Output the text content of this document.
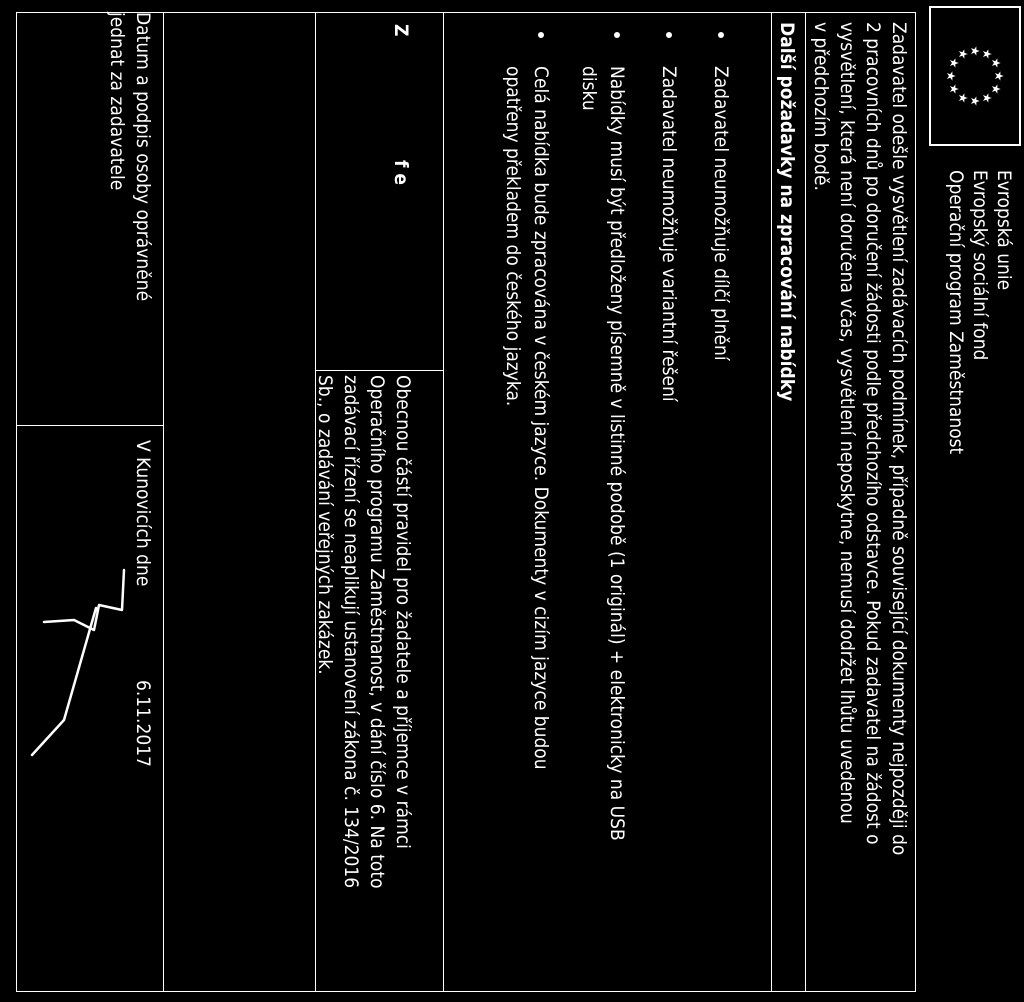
★
★
★
★
★
★
★
★
★
★
★
★
Evropská unie
Evropský sociální fond
Operační program Zaměstnanost
Zadavatel odešle vysvětlení zadávacích podmínek, případně související dokumenty nejpozději do
2 pracovních dnů po doručení žádosti podle předchozího odstavce. Pokud zadavatel na žádost o
vysvětlení, která není doručena včas, vysvětlení neposkytne, nemusí dodržet lhůtu uvedenou
v předchozím bodě.
Další požadavky na zpracování nabídky
Zadavatel neumožňuje dílčí plnění
Zadavatel neumožňuje variantní řešení
Nabídky musí být předloženy písemně v listinné podobě (1 originál) + elektronicky na USB
disku
Celá nabídka bude zpracována v českém jazyce. Dokumenty v cizím jazyce budou
opatřeny překladem do českého jazyka.
Z
f e
Obecnou částí pravidel pro žadatele a příjemce v rámci
Operačního programu Zaměstnanost, v dání číslo 6. Na toto
zadávací řízení se neaplikují ustanovení zákona č. 134/2016
Sb., o zadávání veřejných zakázek.
Datum a podpis osoby oprávněné
jednat za zadavatele
V Kunovicích dne
6.11.2017
